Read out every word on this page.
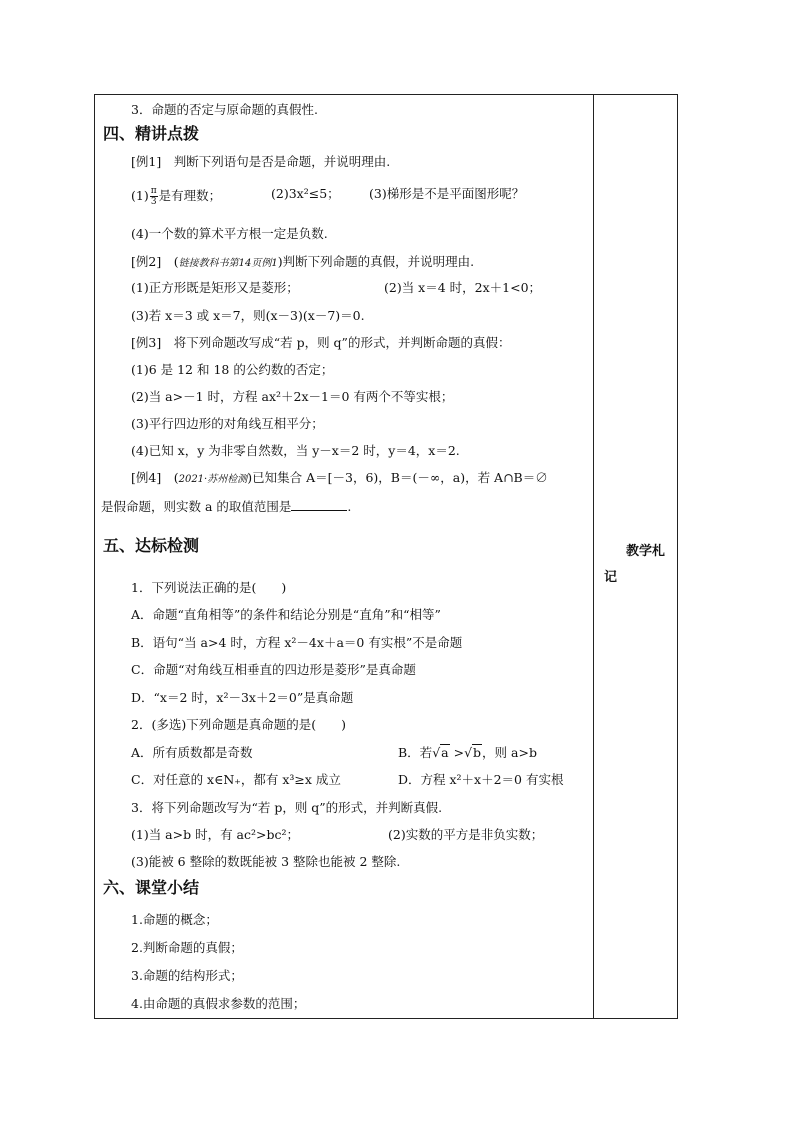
3．命题的否定与原命题的真假性.
四、精讲点拨
[例1]　判断下列语句是否是命题，并说明理由.
$(1) \frac{\pi}{3}$ 是有理数；	(2)3x²≤5； (3)梯形是不是平面图形呢？
(4)一个数的算术平方根一定是负数.
[例2]　(链接教科书第14页例1)判断下列命题的真假，并说明理由.
(1)正方形既是矩形又是菱形；	(2)当 x＝4 时，2x＋1<0；
(3)若 x＝3 或 x＝7，则(x－3)(x－7)＝0.
[例3]　将下列命题改写成“若 p，则 q”的形式，并判断命题的真假：
(1)6 是 12 和 18 的公约数的否定；
(2)当 a>－1 时，方程 ax²＋2x－1＝0 有两个不等实根；
(3)平行四边形的对角线互相平分；
(4)已知 x，y 为非零自然数，当 y－x＝2 时，y＝4，x＝2.
[例4]　(2021·苏州检测)已知集合 A＝[－3，6)，B＝(－∞，a)，若 A∩B＝∅
是假命题，则实数 a 的取值范围是	.
五、达标检测
1．下列说法正确的是(　　)
A．命题“直角相等”的条件和结论分别是“直角”和“相等”
B．语句“当 a>4 时，方程 x²－4x＋a＝0 有实根”不是命题
C．命题“对角线互相垂直的四边形是菱形”是真命题
D．“x＝2 时，x²－3x＋2＝0”是真命题
2．(多选)下列命题是真命题的是(　　)
A．所有质数都是奇数	B．若√a >√b，则 a>b
C．对任意的 x∈N₊，都有 x³≥x 成立	D．方程 x²＋x＋2＝0 有实根
3．将下列命题改写为“若 p，则 q”的形式，并判断真假.
(1)当 a>b 时，有 ac²>bc²；	(2)实数的平方是非负实数；
(3)能被 6 整除的数既能被 3 整除也能被 2 整除.
六、课堂小结
1.命题的概念；
2.判断命题的真假；
3.命题的结构形式；
4.由命题的真假求参数的范围；
教学札
记
